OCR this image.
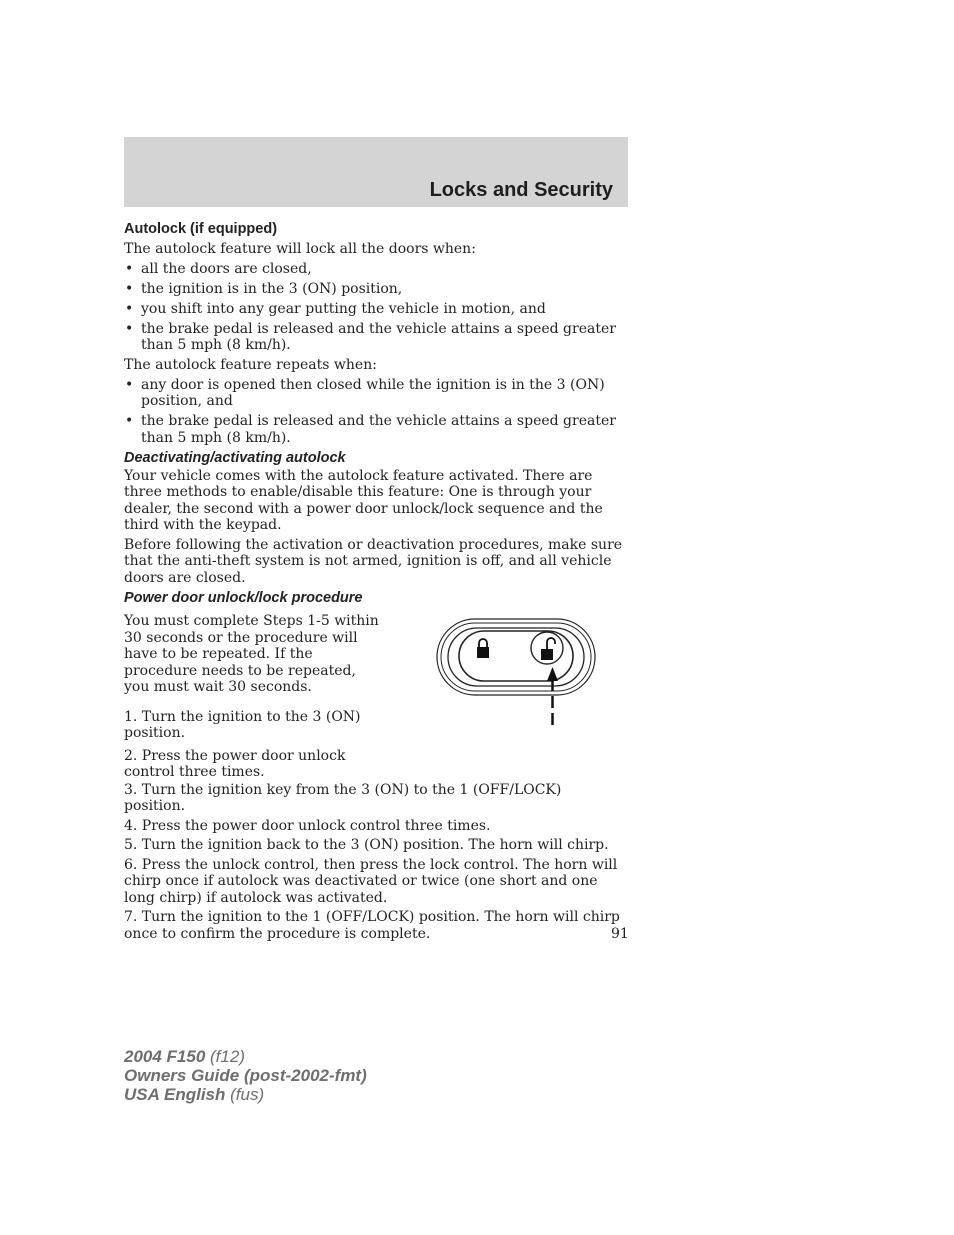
Locks and Security
Autolock (if equipped)

The autolock feature will lock all the doors when:

• all the doors are closed,
• the ignition is in the 3 (ON) position,
• you shift into any gear putting the vehicle in motion, and
• the brake pedal is released and the vehicle attains a speed greater than 5 mph (8 km/h).

The autolock feature repeats when:

• any door is opened then closed while the ignition is in the 3 (ON) position, and
• the brake pedal is released and the vehicle attains a speed greater than 5 mph (8 km/h).
Deactivating/activating autolock

Your vehicle comes with the autolock feature activated. There are three methods to enable/disable this feature: One is through your dealer, the second with a power door unlock/lock sequence and the third with the keypad.

Before following the activation or deactivation procedures, make sure that the anti-theft system is not armed, ignition is off, and all vehicle doors are closed.

Power door unlock/lock procedure

You must complete Steps 1-5 within 30 seconds or the procedure will have to be repeated. If the procedure needs to be repeated, you must wait 30 seconds.

1. Turn the ignition to the 3 (ON) position.

2. Press the power door unlock control three times.

3. Turn the ignition key from the 3 (ON) to the 1 (OFF/LOCK) position.

4. Press the power door unlock control three times.

5. Turn the ignition back to the 3 (ON) position. The horn will chirp.

6. Press the unlock control, then press the lock control. The horn will chirp once if autolock was deactivated or twice (one short and one long chirp) if autolock was activated.

7. Turn the ignition to the 1 (OFF/LOCK) position. The horn will chirp once to confirm the procedure is complete.	91
2004 F150 (f12)
Owners Guide (post-2002-fmt)
USA English (fus)
